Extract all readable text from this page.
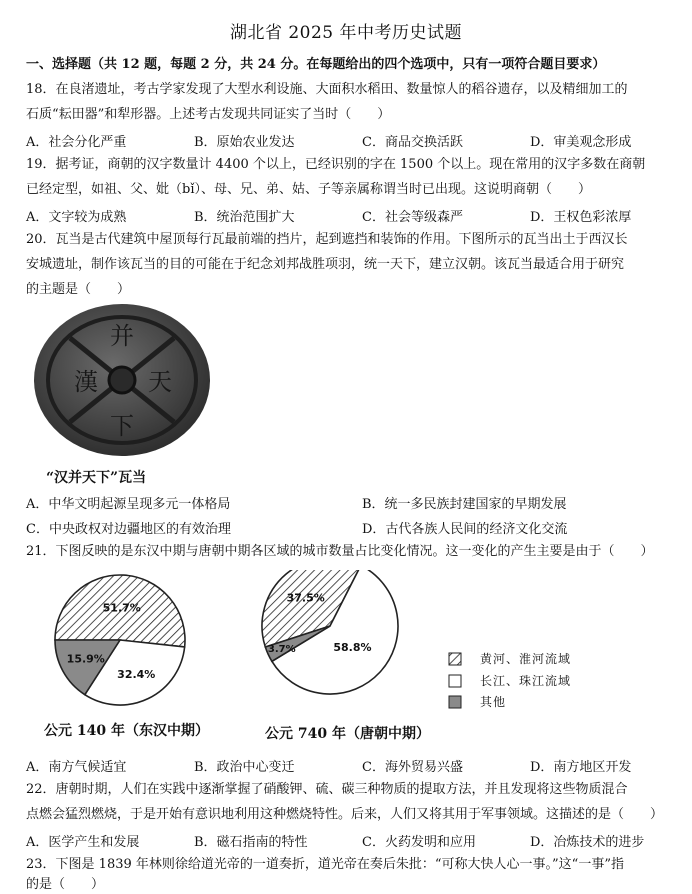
湖北省 2025 年中考历史试题
一、选择题（共 12 题，每题 2 分，共 24 分。在每题给出的四个选项中，只有一项符合题目要求）
18．在良渚遗址，考古学家发现了大型水利设施、大面积水稻田、数量惊人的稻谷遗存，以及精细加工的
石质“耘田器”和犁形器。上述考古发现共同证实了当时（　　）
A．社会分化严重	B．原始农业发达	C．商品交换活跃	D．审美观念形成
19．据考证，商朝的汉字数量计 4400 个以上，已经识别的字在 1500 个以上。现在常用的汉字多数在商朝
已经定型，如祖、父、妣（bǐ）、母、兄、弟、姑、子等亲属称谓当时已出现。这说明商朝（　　）
A．文字较为成熟	B．统治范围扩大	C．社会等级森严	D．王权色彩浓厚
20．瓦当是古代建筑中屋顶每行瓦最前端的挡片，起到遮挡和装饰的作用。下图所示的瓦当出土于西汉长
安城遗址，制作该瓦当的目的可能在于纪念刘邦战胜项羽，统一天下，建立汉朝。该瓦当最适合用于研究
的主题是（　　）
并
漢 天
下
“汉并天下”瓦当
A．中华文明起源呈现多元一体格局	B．统一多民族封建国家的早期发展
C．中央政权对边疆地区的有效治理	D．古代各族人民间的经济文化交流
21．下图反映的是东汉中期与唐朝中期各区域的城市数量占比变化情况。这一变化的产生主要是由于（　　）
51.7%
32.4%
15.9%
37.5%
58.8%
3.7%
黄河、淮河流域
长江、珠江流域
其他
公元 140 年（东汉中期）	公元 740 年（唐朝中期）
A．南方气候适宜	B．政治中心变迁	C．海外贸易兴盛	D．南方地区开发
22．唐朝时期，人们在实践中逐渐掌握了硝酸钾、硫、碳三种物质的提取方法，并且发现将这些物质混合
点燃会猛烈燃烧，于是开始有意识地利用这种燃烧特性。后来，人们又将其用于军事领域。这描述的是（　　）
A．医学产生和发展	B．磁石指南的特性	C．火药发明和应用	D．冶炼技术的进步
23．下图是 1839 年林则徐给道光帝的一道奏折，道光帝在奏后朱批：“可称大快人心一事。”这“一事”指
的是（　　）
